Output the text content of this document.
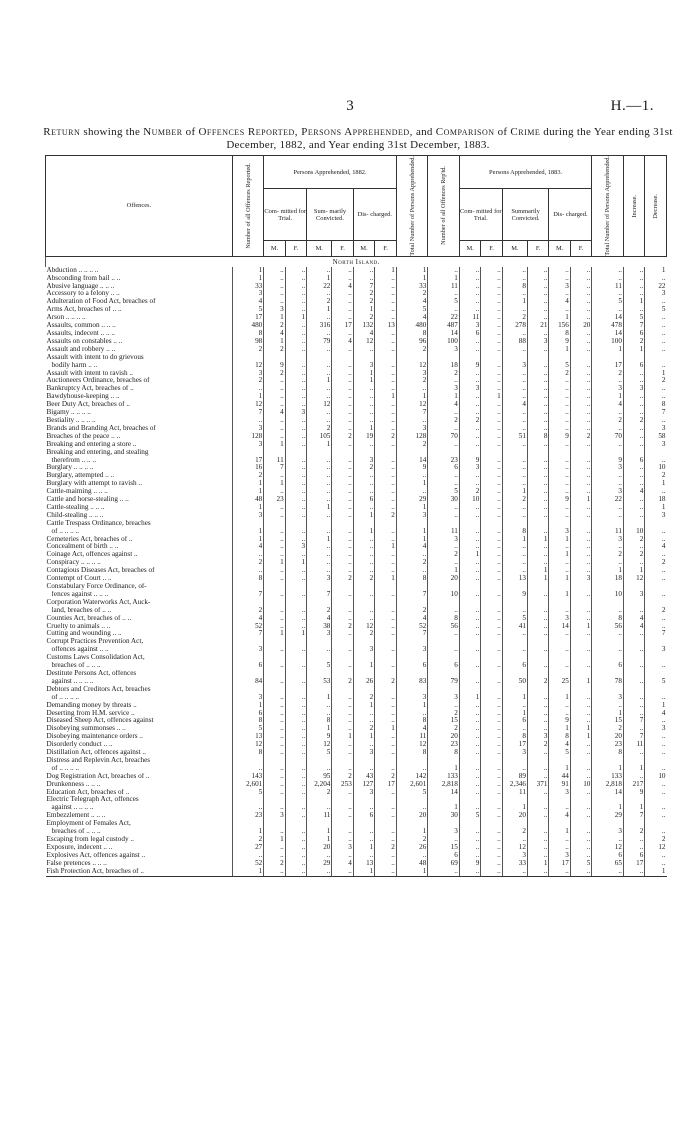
3	H.—1.
Return showing the Number of Offences Reported, Persons Apprehended, and Comparison of Crime during the Year ending 31st December, 1882, and Year ending 31st December, 1883.
Offences.	Number of all Offences Reported.	Persons Apprehended, 1882.						Total Number of Persons Apprehended.	Number of all Offences Rep'td.	Persons Apprehended, 1883.						Total Number of Persons Apprehended.	Increase.	Decrease.

		Com- mitted for Trial.		Sum- marily Convicted.		Dis- charged.				Com- mitted for Trial.		Summarily Convicted.		Dis- charged.				
		M.	F.	M.	F.	M.	F.			M.	F.	M.	F.	M.	F.			
North Island.																		
Abduction .. .. .. ..	1	..	..	..	..	..	1	1	..	..	..	..	..	..	..	..	..	1
Absconding from bail .. ..	1	..	..	1	..	..	..	1	1	..	..	..	..	..	..	..	..	..
Abusive language .. .. ..	33	..	..	22	4	7	..	33	11	..	..	8	..	3	..	11	..	22
Accessory to a felony .. ..	3	..	..	..	..	2	..	2	..	..	..	..	..	..	..	..	..	3
Adulteration of Food Act, breaches of	4	..	..	2	..	2	..	4	5	..	..	1	..	4	..	5	1	..
Arms Act, breaches of .. ..	5	3	..	1	..	1	..	5	..	..	..	..	..	..	..	..	..	5
Arson .. .. .. ..	17	1	1	..	..	2	..	4	22	11	..	2	..	1	..	14	5	..
Assaults, common .. .. ..	480	2	..	316	17	132	13	480	487	3	..	278	21	156	20	478	7	..
Assaults, indecent .. .. ..	8	4	..	..	..	4	..	8	14	6	..	..	..	8	..	14	6	..
Assaults on constables .. ..	98	1	..	79	4	12	..	96	100	..	..	88	3	9	..	100	2	..
Assault and robbery .. ..	2	2	..	..	..	..	..	2	3	..	..	..	..	1	..	1	1	..
Assault with intent to do grievous																		
bodily harm .. ..	12	9	..	..	..	3	..	12	18	9	..	3	..	5	..	17	6	..
Assault with intent to ravish ..	3	2	..	..	..	1	..	3	2	..	..	..	..	2	..	2	..	1
Auctioneers Ordinance, breaches of	2	..	..	1	..	1	..	2	..	..	..	..	..	..	..	..	..	2
Bankruptcy Act, breaches of ..	..	..	..	..	..	..	..	..	3	3	..	..	..	..	..	3	3	..
Bawdyhouse-keeping .. ..	1	..	..	..	..	..	1	1	1	..	1	..	..	..	..	1	..	..
Beer Duty Act, breaches of ..	12	..	..	12	..	..	..	12	4	..	..	4	..	..	..	4	..	8
Bigamy .. .. .. ..	7	4	3	..	..	..	..	7	..	..	..	..	..	..	..	..	..	7
Bestiality .. .. .. ..	..	..	..	..	..	..	..	..	2	2	..	..	..	..	..	2	2	..
Brands and Branding Act, breaches of	3	..	..	2	..	1	..	3	..	..	..	..	..	..	..	..	..	3
Breaches of the peace .. ..	128	..	..	105	2	19	2	128	70	..	..	51	8	9	2	70	..	58
Breaking and entering a store ..	3	1	..	1	..	..	..	2	..	..	..	..	..	..	..	..	..	3
Breaking and entering, and stealing																		
therefrom .. .. ..	17	11	..	..	..	3	..	14	23	9	..	..	..	..	..	9	6	..
Burglary .. .. .. ..	16	7	..	..	..	2	..	9	6	3	..	..	..	..	..	3	..	10
Burglary, attempted .. ..	2	..	..	..	..	..	..	..	..	..	..	..	..	..	..	..	..	2
Burglary with attempt to ravish ..	1	1	..	..	..	..	..	1	..	..	..	..	..	..	..	..	..	1
Cattle-maiming .. .. ..	1	..	..	..	..	..	..	..	5	2	..	1	..	..	..	3	4	..
Cattle and horse-stealing .. ..	48	23	..	..	..	6	..	29	30	10	..	2	..	9	1	22	..	18
Cattle-stealing .. .. ..	1	..	..	1	..	..	..	1	..	..	..	..	..	..	..	..	..	1
Child-stealing .. .. ..	3	..	..	..	..	1	2	3	..	..	..	..	..	..	..	..	..	3
Cattle Trespass Ordinance, breaches																		
of .. .. .. ..	1	..	..	..	..	1	..	1	11	..	..	8	..	3	..	11	10	..
Cemeteries Act, breaches of ..	1	..	..	1	..	..	..	1	3	..	..	1	1	1	..	3	2	..
Concealment of birth .. ..	4	..	3	..	..	..	1	4	..	..	..	..	..	..	..	..	..	4
Coinage Act, offences against ..	..	..	..	..	..	..	..	..	2	1	..	..	..	1	..	2	2	..
Conspiracy .. .. .. ..	2	1	1	..	..	..	..	2	..	..	..	..	..	..	..	..	..	2
Contagious Diseases Act, breaches of	..	..	..	..	..	..	..	..	1	..	..	..	1	..	..	1	1	..
Contempt of Court .. ..	8	..	..	3	2	2	1	8	20	..	..	13	1	1	3	18	12	..
Constabulary Force Ordinance, of-																		
fences against .. .. ..	7	..	..	7	..	..	..	7	10	..	..	9	..	1	..	10	3	..
Corporation Waterworks Act, Auck-																		
land, breaches of .. ..	2	..	..	2	..	..	..	2	..	..	..	..	..	..	..	..	..	2
Counties Act, breaches of .. ..	4	..	..	4	..	..	..	4	8	..	..	5	..	3	..	8	4	..
Cruelty to animals .. ..	52	..	..	38	2	12	..	52	56	..	..	41	..	14	1	56	4	..
Cutting and wounding .. ..	7	1	1	3	..	2	..	7	..	..	..	..	..	..	..	..	..	7
Corrupt Practices Prevention Act,																		
offences against .. ..	3	..	..	..	..	3	..	3	..	..	..	..	..	..	..	..	..	3
Customs Laws Consolidation Act,																		
breaches of .. .. ..	6	..	..	5	..	1	..	6	6	..	..	6	..	..	..	6	..	..
Destitute Persons Act, offences																		
against .. .. .. ..	84	..	..	53	2	26	2	83	79	..	..	50	2	25	1	78	..	5
Debtors and Creditors Act, breaches																		
of .. .. .. ..	3	..	..	1	..	2	..	3	3	1	..	1	..	1	..	3	..	..
Demanding money by threats ..	1	..	..	..	..	1	..	1	..	..	..	..	..	..	..	..	..	1
Deserting from H.M. service ..	6	..	..	..	..	..	..	..	2	..	..	1	..	..	..	1	..	4
Diseased Sheep Act, offences against	8	..	..	8	..	..	..	8	15	..	..	6	..	9	..	15	7	..
Disobeying summonses .. ..	5	..	..	1	..	2	1	4	2	..	..	..	..	1	1	2	..	3
Disobeying maintenance orders ..	13	..	..	9	1	1	..	11	20	..	..	8	3	8	1	20	7	..
Disorderly conduct .. ..	12	..	..	12	..	..	..	12	23	..	..	17	2	4	..	23	11	..
Distillation Act, offences against ..	8	..	..	5	..	3	..	8	8	..	..	3	..	5	..	8	..	..
Distress and Replevin Act, breaches																		
of .. .. .. ..	..	..	..	..	..	..	..	..	1	..	..	..	..	1	..	1	1	..
Dog Registration Act, breaches of ..	143	..	..	95	2	43	2	142	133	..	..	89	..	44	..	133	..	10
Drunkenness .. .. ..	2,601	..	..	2,204	253	127	17	2,601	2,818	..	..	2,346	371	91	10	2,818	217	..
Education Act, breaches of ..	5	..	..	2	..	3	..	5	14	..	..	11	..	3	..	14	9	..
Electric Telegraph Act, offences																		
against .. .. .. ..	..	..	..	..	..	..	..	..	1	..	..	1	..	..	..	1	1	..
Embezzlement .. .. ..	23	3	..	11	..	6	..	20	30	5	..	20	..	4	..	29	7	..
Employment of Females Act,																		
breaches of .. .. ..	1	..	..	1	..	..	..	1	3	..	..	2	..	1	..	3	2	..
Escaping from legal custody ..	2	1	..	1	..	..	..	2	..	..	..	..	..	..	..	..	..	2
Exposure, indecent .. ..	27	..	..	20	3	1	2	26	15	..	..	12	..	..	..	12	..	12
Explosives Act, offences against ..	..	..	..	..	..	..	..	..	6	..	..	3	..	3	..	6	6	..
False pretences .. .. ..	52	2	..	29	4	13	..	48	69	9	..	33	1	17	5	65	17	..
Fish Protection Act, breaches of ..	1	..	..	..	..	1	..	1	..	..	..	..	..	..	..	..	..	1
